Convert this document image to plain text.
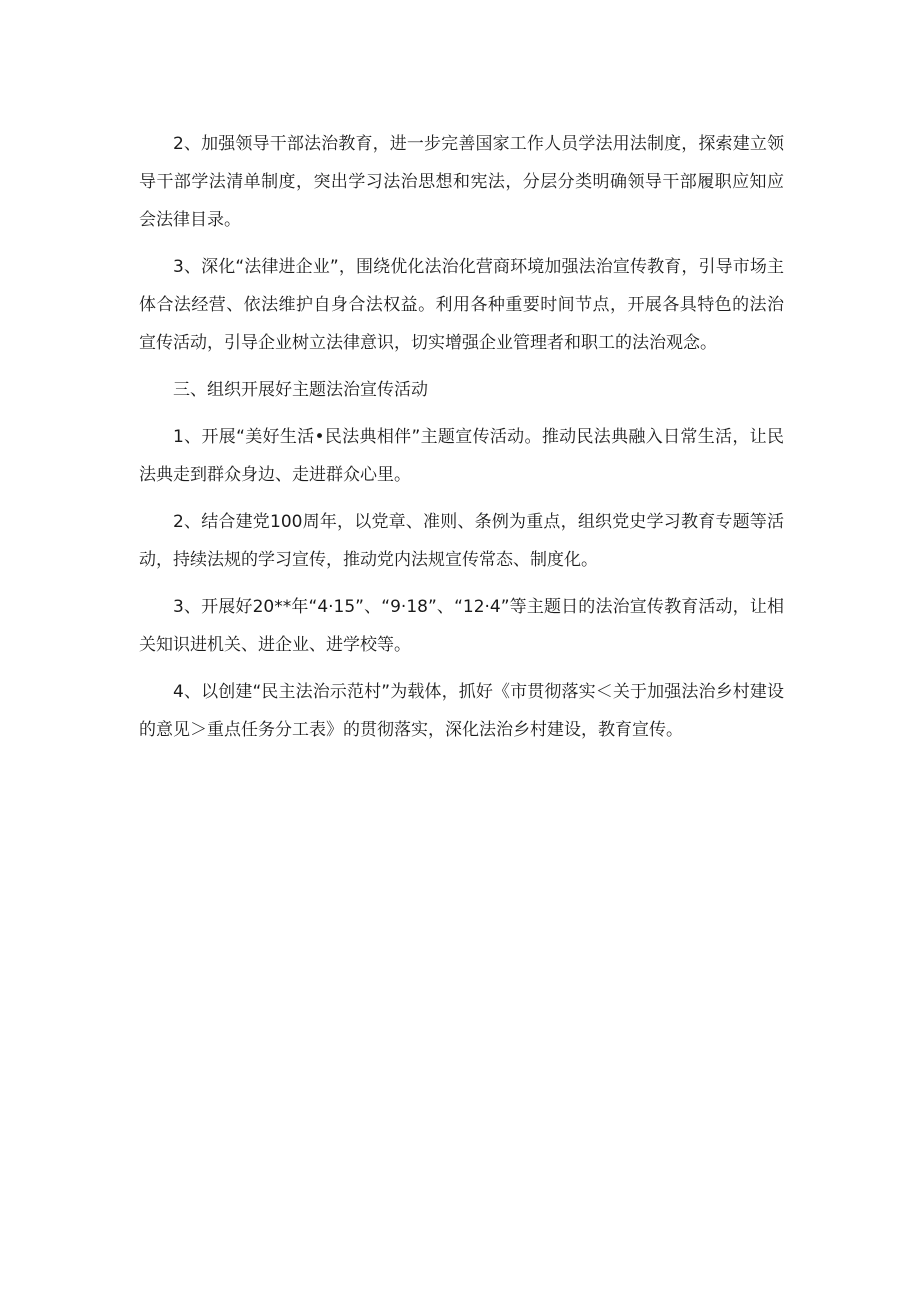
2、加强领导干部法治教育，进一步完善国家工作人员学法用法制度，探索建立领导干部学法清单制度，突出学习法治思想和宪法，分层分类明确领导干部履职应知应会法律目录。

3、深化“法律进企业”，围绕优化法治化营商环境加强法治宣传教育，引导市场主体合法经营、依法维护自身合法权益。利用各种重要时间节点，开展各具特色的法治宣传活动，引导企业树立法律意识，切实增强企业管理者和职工的法治观念。

三、组织开展好主题法治宣传活动

1、开展“美好生活•民法典相伴”主题宣传活动。推动民法典融入日常生活，让民法典走到群众身边、走进群众心里。

2、结合建党100周年，以党章、准则、条例为重点，组织党史学习教育专题等活动，持续法规的学习宣传，推动党内法规宣传常态、制度化。

3、开展好20**年“4·15”、“9·18”、“12·4”等主题日的法治宣传教育活动，让相关知识进机关、进企业、进学校等。

4、以创建“民主法治示范村”为载体，抓好《市贯彻落实＜关于加强法治乡村建设的意见＞重点任务分工表》的贯彻落实，深化法治乡村建设，教育宣传。
